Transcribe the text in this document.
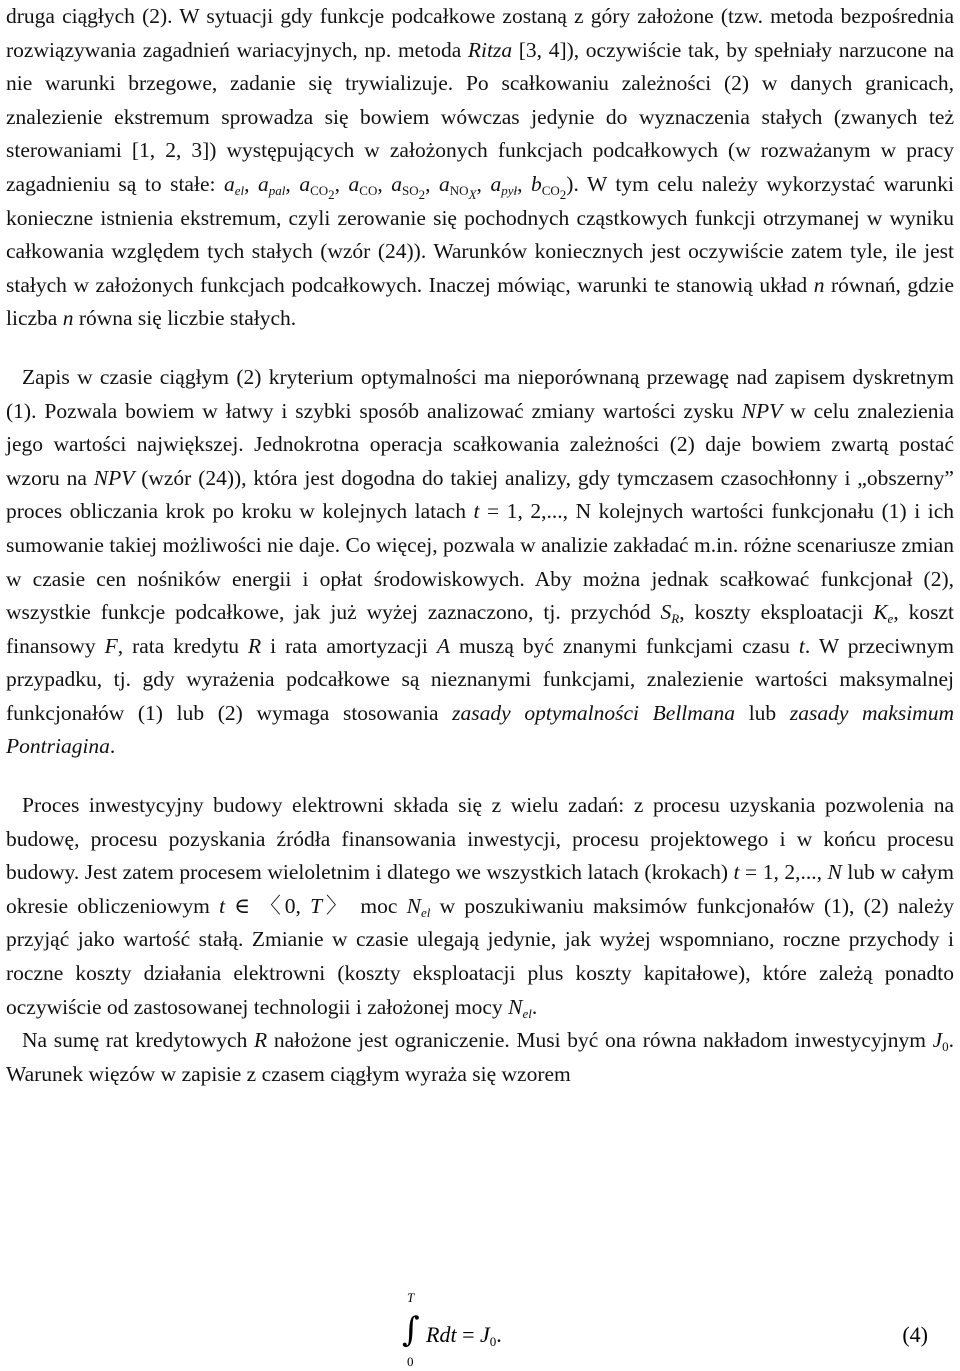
druga ciągłych (2). W sytuacji gdy funkcje podcałkowe zostaną z góry założone (tzw. metoda bezpośrednia rozwiązywania zagadnień wariacyjnych, np. metoda Ritza [3, 4]), oczywiście tak, by spełniały narzucone na nie warunki brzegowe, zadanie się trywializuje. Po scałkowaniu zależności (2) w danych granicach, znalezienie ekstremum sprowadza się bowiem wówczas jedynie do wyznaczenia stałych (zwanych też sterowaniami [1, 2, 3]) występujących w założonych funkcjach podcałkowych (w rozważanym w pracy zagadnieniu są to stałe: $a_{el}$, $a_{pal}$, $a_{CO_2}$, $a_{CO}$, $a_{SO_2}$, $a_{NO_X}$, $a_{pył}$, $b_{CO_2}$). W tym celu należy wykorzystać warunki konieczne istnienia ekstremum, czyli zerowanie się pochodnych cząstkowych funkcji otrzymanej w wyniku całkowania względem tych stałych (wzór (24)). Warunków koniecznych jest oczywiście zatem tyle, ile jest stałych w założonych funkcjach podcałkowych. Inaczej mówiąc, warunki te stanowią układ n równań, gdzie liczba n równa się liczbie stałych.

Zapis w czasie ciągłym (2) kryterium optymalności ma nieporównaną przewagę nad zapisem dyskretnym (1). Pozwala bowiem w łatwy i szybki sposób analizować zmiany wartości zysku NPV w celu znalezienia jego wartości największej. Jednokrotna operacja scałkowania zależności (2) daje bowiem zwartą postać wzoru na NPV (wzór (24)), która jest dogodna do takiej analizy, gdy tymczasem czasochłonny i „obszerny” proces obliczania krok po kroku w kolejnych latach t = 1, 2,..., N kolejnych wartości funkcjonału (1) i ich sumowanie takiej możliwości nie daje. Co więcej, pozwala w analizie zakładać m.in. różne scenariusze zmian w czasie cen nośników energii i opłat środowiskowych. Aby można jednak scałkować funkcjonał (2), wszystkie funkcje podcałkowe, jak już wyżej zaznaczono, tj. przychód $S_R$, koszty eksploatacji $K_e$, koszt finansowy F, rata kredytu R i rata amortyzacji A muszą być znanymi funkcjami czasu t. W przeciwnym przypadku, tj. gdy wyrażenia podcałkowe są nieznanymi funkcjami, znalezienie wartości maksymalnej funkcjonałów (1) lub (2) wymaga stosowania zasady optymalności Bellmana lub zasady maksimum Pontriagina.

Proces inwestycyjny budowy elektrowni składa się z wielu zadań: z procesu uzyskania pozwolenia na budowę, procesu pozyskania źródła finansowania inwestycji, procesu projektowego i w końcu procesu budowy. Jest zatem procesem wieloletnim i dlatego we wszystkich latach (krokach) t = 1, 2,..., N lub w całym okresie obliczeniowym t ∈ 〈0, T〉 moc $N_{el}$ w poszukiwaniu maksimów funkcjonałów (1), (2) należy przyjąć jako wartość stałą. Zmianie w czasie ulegają jedynie, jak wyżej wspomniano, roczne przychody i roczne koszty działania elektrowni (koszty eksploatacji plus koszty kapitałowe), które zależą ponadto oczywiście od zastosowanej technologii i założonej mocy $N_{el}$.

Na sumę rat kredytowych R nałożone jest ograniczenie. Musi być ona równa nakładom inwestycyjnym $J_0$. Warunek więzów w zapisie z czasem ciągłym wyraża się wzorem

T
∫
0
Rdt = $J_0$.	(4)
